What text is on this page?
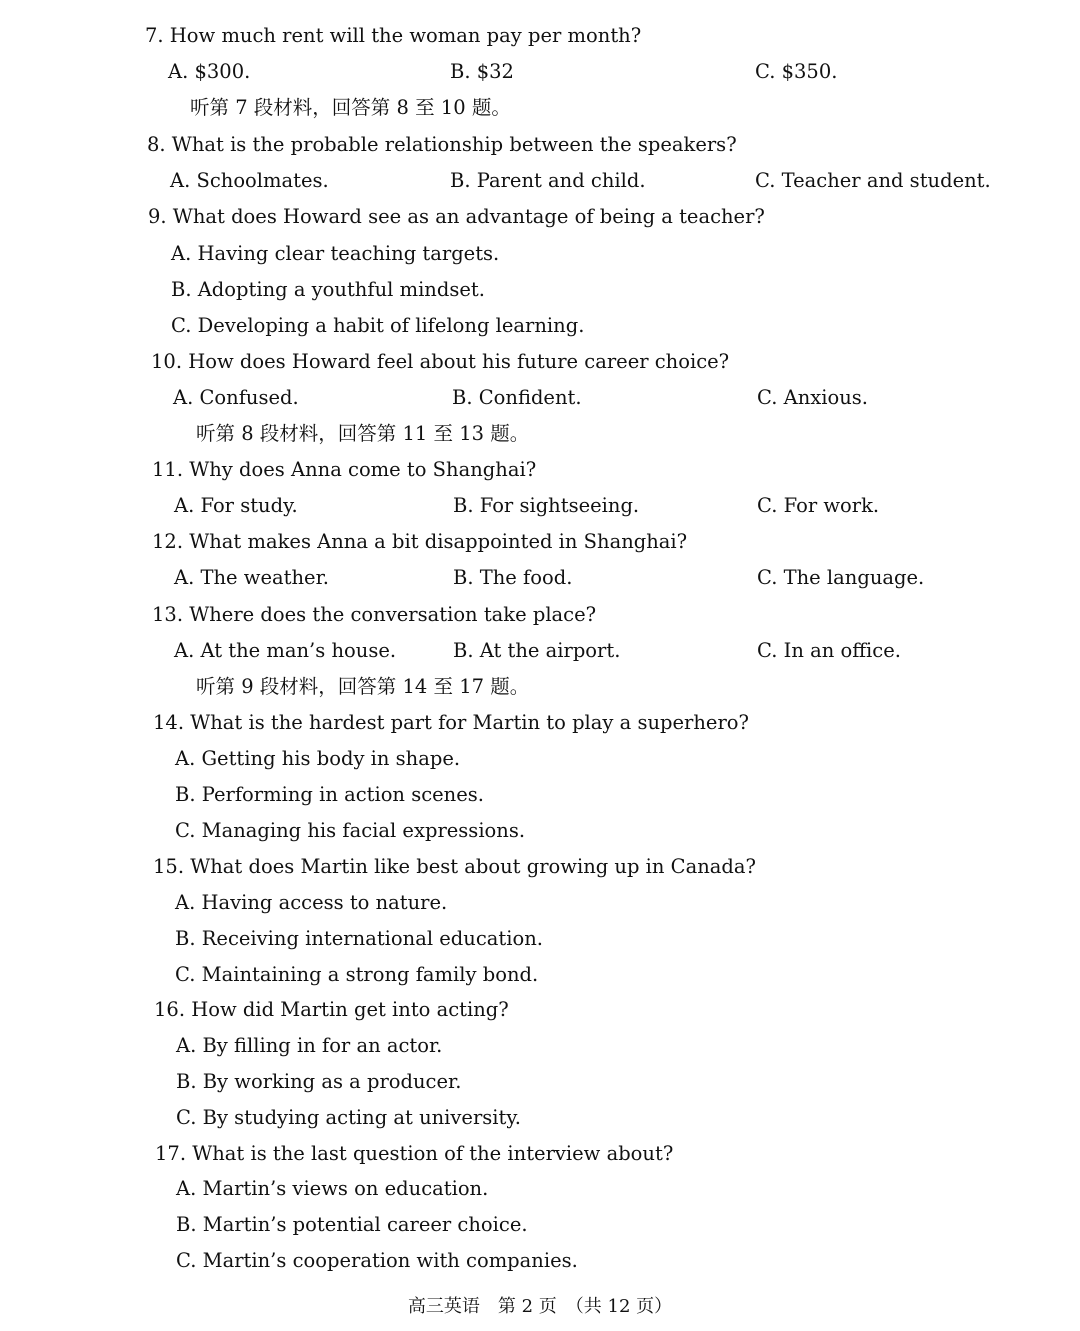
7. How much rent will the woman pay per month?
A. $300.	B. $32	C. $350.
听第 7 段材料，回答第 8 至 10 题。
8. What is the probable relationship between the speakers?
A. Schoolmates.	B. Parent and child.	C. Teacher and student.
9. What does Howard see as an advantage of being a teacher?
A. Having clear teaching targets.
B. Adopting a youthful mindset.
C. Developing a habit of lifelong learning.
10. How does Howard feel about his future career choice?
A. Confused.	B. Confident.	C. Anxious.
听第 8 段材料，回答第 11 至 13 题。
11. Why does Anna come to Shanghai?
A. For study.	B. For sightseeing.	C. For work.
12. What makes Anna a bit disappointed in Shanghai?
A. The weather.	B. The food.	C. The language.
13. Where does the conversation take place?
A. At the man’s house.	B. At the airport.	C. In an office.
听第 9 段材料，回答第 14 至 17 题。
14. What is the hardest part for Martin to play a superhero?
A. Getting his body in shape.
B. Performing in action scenes.
C. Managing his facial expressions.
15. What does Martin like best about growing up in Canada?
A. Having access to nature.
B. Receiving international education.
C. Maintaining a strong family bond.
16. How did Martin get into acting?
A. By filling in for an actor.
B. By working as a producer.
C. By studying acting at university.
17. What is the last question of the interview about?
A. Martin’s views on education.
B. Martin’s potential career choice.
C. Martin’s cooperation with companies.
高三英语　第 2 页　（共 12 页）
